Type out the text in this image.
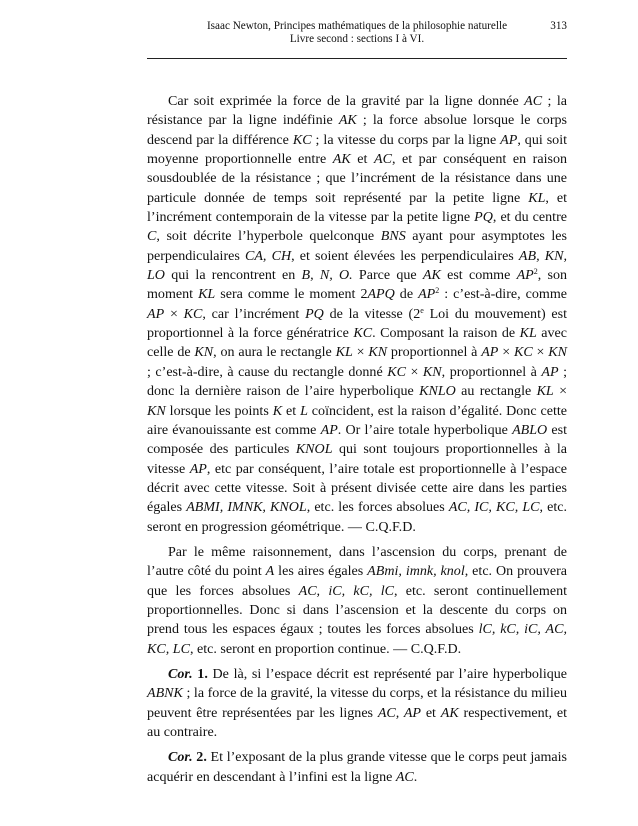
Isaac Newton, Principes mathématiques de la philosophie naturelle
Livre second : sections I à VI.
313

Car soit exprimée la force de la gravité par la ligne donnée AC ; la résistance par la ligne indéfinie AK ; la force absolue lorsque le corps descend par la différence KC ; la vitesse du corps par la ligne AP, qui soit moyenne proportionnelle entre AK et AC, et par conséquent en raison sousdoublée de la résistance ; que l’incrément de la résistance dans une particule donnée de temps soit représenté par la petite ligne KL, et l’incrément contemporain de la vitesse par la petite ligne PQ, et du centre C, soit décrite l’hyperbole quelconque BNS ayant pour asymptotes les perpendiculaires CA, CH, et soient élevées les perpendiculaires AB, KN, LO qui la rencontrent en B, N, O. Parce que AK est comme $AP^2$, son moment KL sera comme le moment 2APQ de $AP^2$ : c’est-à-dire, comme AP × KC, car l’incrément PQ de la vitesse (2e Loi du mouvement) est proportionnel à la force génératrice KC. Composant la raison de KL avec celle de KN, on aura le rectangle KL × KN proportionnel à AP × KC × KN ; c’est-à-dire, à cause du rectangle donné KC × KN, proportionnel à AP ; donc la dernière raison de l’aire hyperbolique KNLO au rectangle KL × KN lorsque les points K et L coïncident, est la raison d’égalité. Donc cette aire évanouissante est comme AP. Or l’aire totale hyperbolique ABLO est composée des particules KNOL qui sont toujours proportionnelles à la vitesse AP, etc par conséquent, l’aire totale est proportionnelle à l’espace décrit avec cette vitesse. Soit à présent divisée cette aire dans les parties égales ABMI, IMNK, KNOL, etc. les forces absolues AC, IC, KC, LC, etc. seront en progression géométrique. — C.Q.F.D.

Par le même raisonnement, dans l’ascension du corps, prenant de l’autre côté du point A les aires égales ABmi, imnk, knol, etc. On prouvera que les forces absolues AC, iC, kC, lC, etc. seront continuellement proportionnelles. Donc si dans l’ascension et la descente du corps on prend tous les espaces égaux ; toutes les forces absolues lC, kC, iC, AC, KC, LC, etc. seront en proportion continue. — C.Q.F.D.

Cor. 1. De là, si l’espace décrit est représenté par l’aire hyperbolique ABNK ; la force de la gravité, la vitesse du corps, et la résistance du milieu peuvent être représentées par les lignes AC, AP et AK respectivement, et au contraire.

Cor. 2. Et l’exposant de la plus grande vitesse que le corps peut jamais acquérir en descendant à l’infini est la ligne AC.
